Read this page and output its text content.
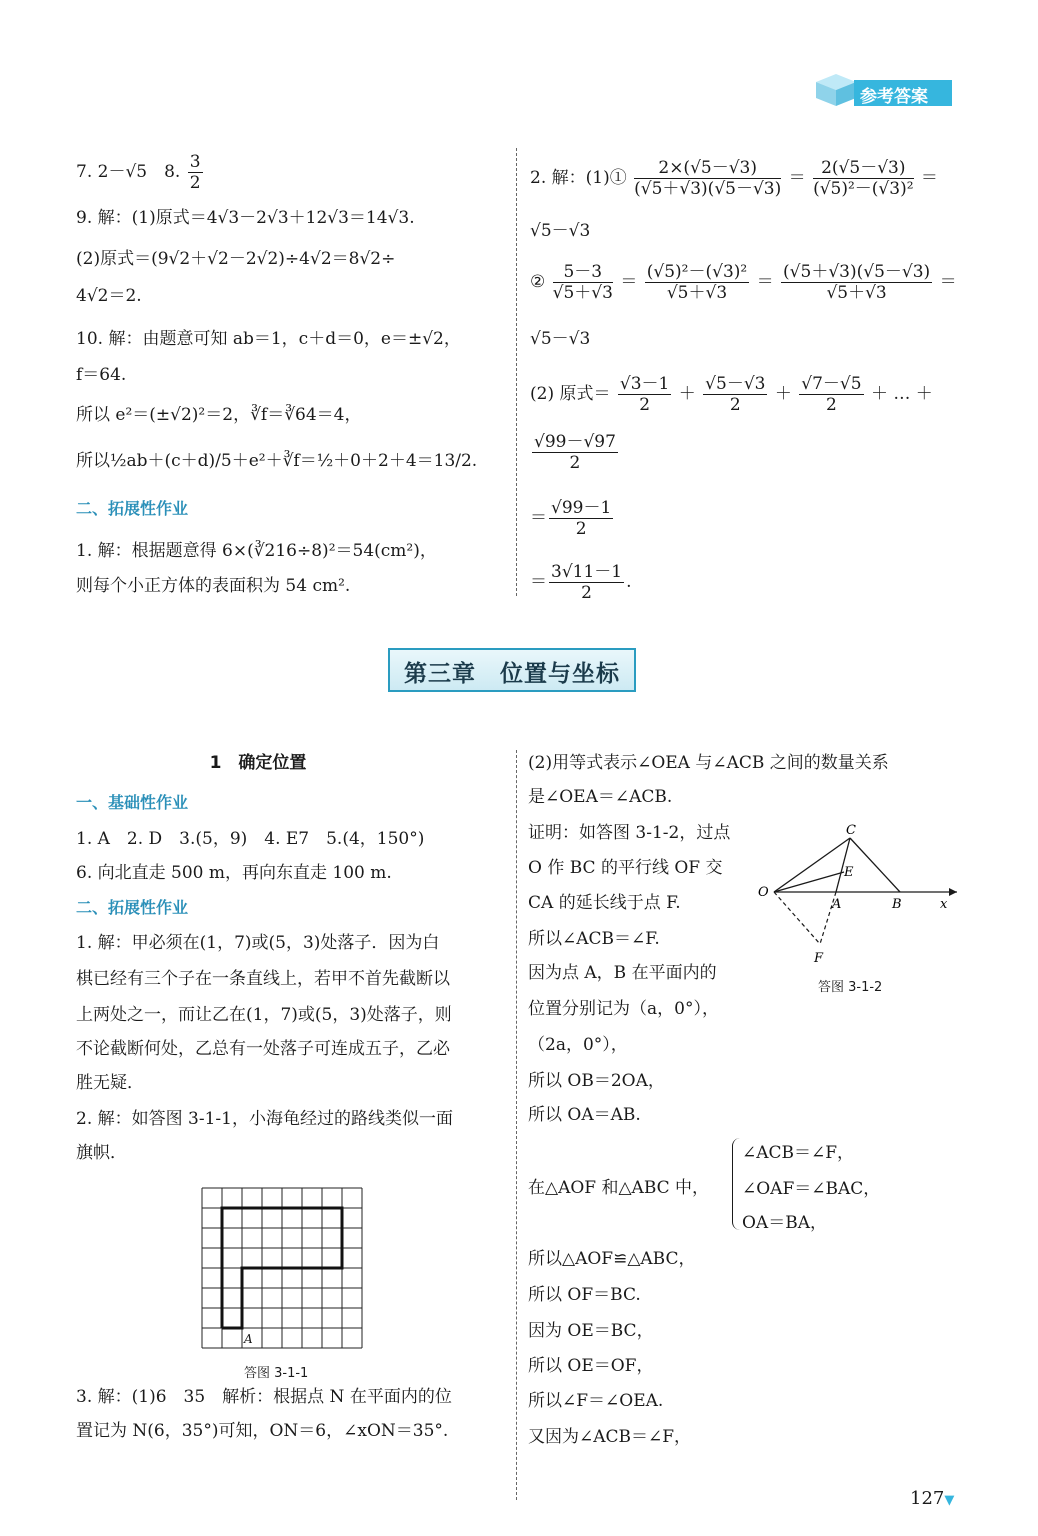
参考答案
7. 2－√5　8. $\frac{3}{2}$
9. 解：(1)原式＝4√3－2√3＋12√3＝14√3.
(2)原式＝(9√2＋√2－2√2)÷4√2＝8√2÷
4√2＝2.
10. 解：由题意可知 ab＝1，c＋d＝0，e＝±√2，
f＝64.
所以 e²＝(±√2)²＝2，∛f＝∛64＝4，
所以½ab＋(c＋d)/5＋e²＋∛f＝½＋0＋2＋4＝13/2.
二、拓展性作业
1. 解：根据题意得 6×(∛216÷8)²＝54(cm²)，
则每个小正方体的表面积为 54 cm².
2. 解：(1)① $\frac{2\times(√5-√3)}{(√5+√3)(√5-√3)} = \frac{2(√5-√3)}{\text{(√5)²－(√3)²}}$ ＝
√5－√3
② $\frac{5-3}{√5+√3} = \frac{\text{(√5)²－(√3)²}}{√5+√3} = \frac{(√5+√3)(√5-√3)}{√5+√3}$ ＝
√5－√3
(2) 原式＝ $\frac{√3-1}{2} + \frac{√5-√3}{2} + \frac{√7-√5}{2}$ ＋ … ＋
$\frac{√99-√97}{2}$
＝ $\frac{√99-1}{2}$
＝ $\frac{3√11-1}{2}$ .
第三章　位置与坐标
1　确定位置
一、基础性作业
1. A　2. D　3.(5，9)　4. E7　5.(4，150°)
6. 向北直走 500 m，再向东直走 100 m.
二、拓展性作业
1. 解：甲必须在(1，7)或(5，3)处落子．因为白
棋已经有三个子在一条直线上，若甲不首先截断以
上两处之一，而让乙在(1，7)或(5，3)处落子，则
不论截断何处，乙总有一处落子可连成五子，乙必
胜无疑．
2. 解：如答图 3-1-1，小海龟经过的路线类似一面
旗帜．
A
答图 3-1-1
3. 解：(1)6　35　解析：根据点 N 在平面内的位
置记为 N(6，35°)可知，ON＝6，∠xON＝35°.
(2)用等式表示∠OEA 与∠ACB 之间的数量关系
是∠OEA＝∠ACB.
证明：如答图 3-1-2，过点
O 作 BC 的平行线 OF 交
CA 的延长线于点 F.
所以∠ACB＝∠F.
因为点 A，B 在平面内的
位置分别记为（a，0°），
（2a，0°），
所以 OB＝2OA，
所以 OA＝AB.
在△AOF 和△ABC 中，
∠ACB＝∠F，
∠OAF＝∠BAC，
OA＝BA，
所以△AOF≌△ABC，
所以 OF＝BC.
因为 OE＝BC，
所以 OE＝OF，
所以∠F＝∠OEA.
又因为∠ACB＝∠F，
C
O
E
A	B	x
F
答图 3-1-2
127▼
